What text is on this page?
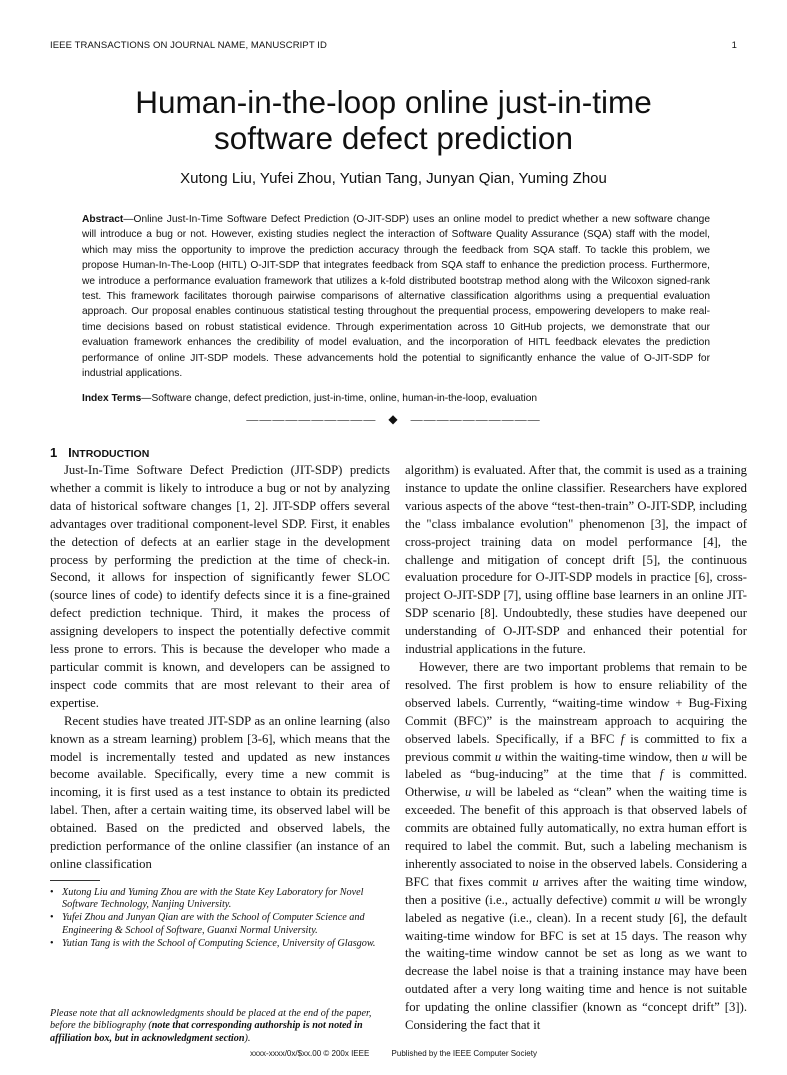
IEEE TRANSACTIONS ON JOURNAL NAME, MANUSCRIPT ID	1
Human-in-the-loop online just-in-time
software defect prediction
Xutong Liu, Yufei Zhou, Yutian Tang, Junyan Qian, Yuming Zhou

Abstract—Online Just-In-Time Software Defect Prediction (O-JIT-SDP) uses an online model to predict whether a new software change will introduce a bug or not. However, existing studies neglect the interaction of Software Quality Assurance (SQA) staff with the model, which may miss the opportunity to improve the prediction accuracy through the feedback from SQA staff. To tackle this problem, we propose Human-In-The-Loop (HITL) O-JIT-SDP that integrates feedback from SQA staff to enhance the prediction process. Furthermore, we introduce a performance evaluation framework that utilizes a k-fold distributed bootstrap method along with the Wilcoxon signed-rank test. This framework facilitates thorough pairwise comparisons of alternative classification algorithms using a prequential evaluation approach. Our proposal enables continuous statistical testing throughout the prequential process, empowering developers to make real-time decisions based on robust statistical evidence. Through experimentation across 10 GitHub projects, we demonstrate that our evaluation framework enhances the credibility of model evaluation, and the incorporation of HITL feedback elevates the prediction performance of online JIT-SDP models. These advancements hold the potential to significantly enhance the value of O-JIT-SDP for industrial applications.

Index Terms—Software change, defect prediction, just-in-time, online, human-in-the-loop, evaluation

——————————   ◆   ——————————
1 INTRODUCTION

Just-In-Time Software Defect Prediction (JIT-SDP) predicts whether a commit is likely to introduce a bug or not by analyzing data of historical software changes [1, 2]. JIT-SDP offers several advantages over traditional component-level SDP. First, it enables the detection of defects at an earlier stage in the development process by performing the prediction at the time of check-in. Second, it allows for inspection of significantly fewer SLOC (source lines of code) to identify defects since it is a fine-grained defect prediction technique. Third, it makes the process of assigning developers to inspect the potentially defective commit less prone to errors. This is because the developer who made a particular commit is known, and developers can be assigned to inspect code commits that are most relevant to their area of expertise.

Recent studies have treated JIT-SDP as an online learning (also known as a stream learning) problem [3-6], which means that the model is incrementally tested and updated as new instances become available. Specifically, every time a new commit is incoming, it is first used as a test instance to obtain its predicted label. Then, after a certain waiting time, its observed label will be obtained. Based on the predicted and observed labels, the prediction performance of the online classifier (an instance of an online classification

algorithm) is evaluated. After that, the commit is used as a training instance to update the online classifier. Researchers have explored various aspects of the above “test-then-train” O-JIT-SDP, including the "class imbalance evolution" phenomenon [3], the impact of cross-project training data on model performance [4], the challenge and mitigation of concept drift [5], the continuous evaluation procedure for O-JIT-SDP models in practice [6], cross-project O-JIT-SDP [7], using offline base learners in an online JIT-SDP scenario [8]. Undoubtedly, these studies have deepened our understanding of O-JIT-SDP and enhanced their potential for industrial applications in the future.

However, there are two important problems that remain to be resolved. The first problem is how to ensure reliability of the observed labels. Currently, “waiting-time window + Bug-Fixing Commit (BFC)” is the mainstream approach to acquiring the observed labels. Specifically, if a BFC f is committed to fix a previous commit u within the waiting-time window, then u will be labeled as “bug-inducing” at the time that f is committed. Otherwise, u will be labeled as “clean” when the waiting time is exceeded. The benefit of this approach is that observed labels of commits are obtained fully automatically, no extra human effort is required to label the commit. But, such a labeling mechanism is inherently associated to noise in the observed labels. Considering a BFC that fixes commit u arrives after the waiting time window, then a positive (i.e., actually defective) commit u will be wrongly labeled as negative (i.e., clean). In a recent study [6], the default waiting-time window for BFC is set at 15 days. The reason why the waiting-time window cannot be set as long as we want to decrease the label noise is that a training instance may have been outdated after a very long waiting time and hence is not suitable for updating the online classifier (known as “concept drift” [3]). Considering the fact that it

• Xutong Liu and Yuming Zhou are with the State Key Laboratory for Novel Software Technology, Nanjing University.
• Yufei Zhou and Junyan Qian are with the School of Computer Science and Engineering & School of Software, Guanxi Normal University.
• Yutian Tang is with the School of Computing Science, University of Glasgow.

Please note that all acknowledgments should be placed at the end of the paper, before the bibliography (note that corresponding authorship is not noted in affiliation box, but in acknowledgment section).

xxxx-xxxx/0x/$xx.00 © 200x IEEE	Published by the IEEE Computer Society
